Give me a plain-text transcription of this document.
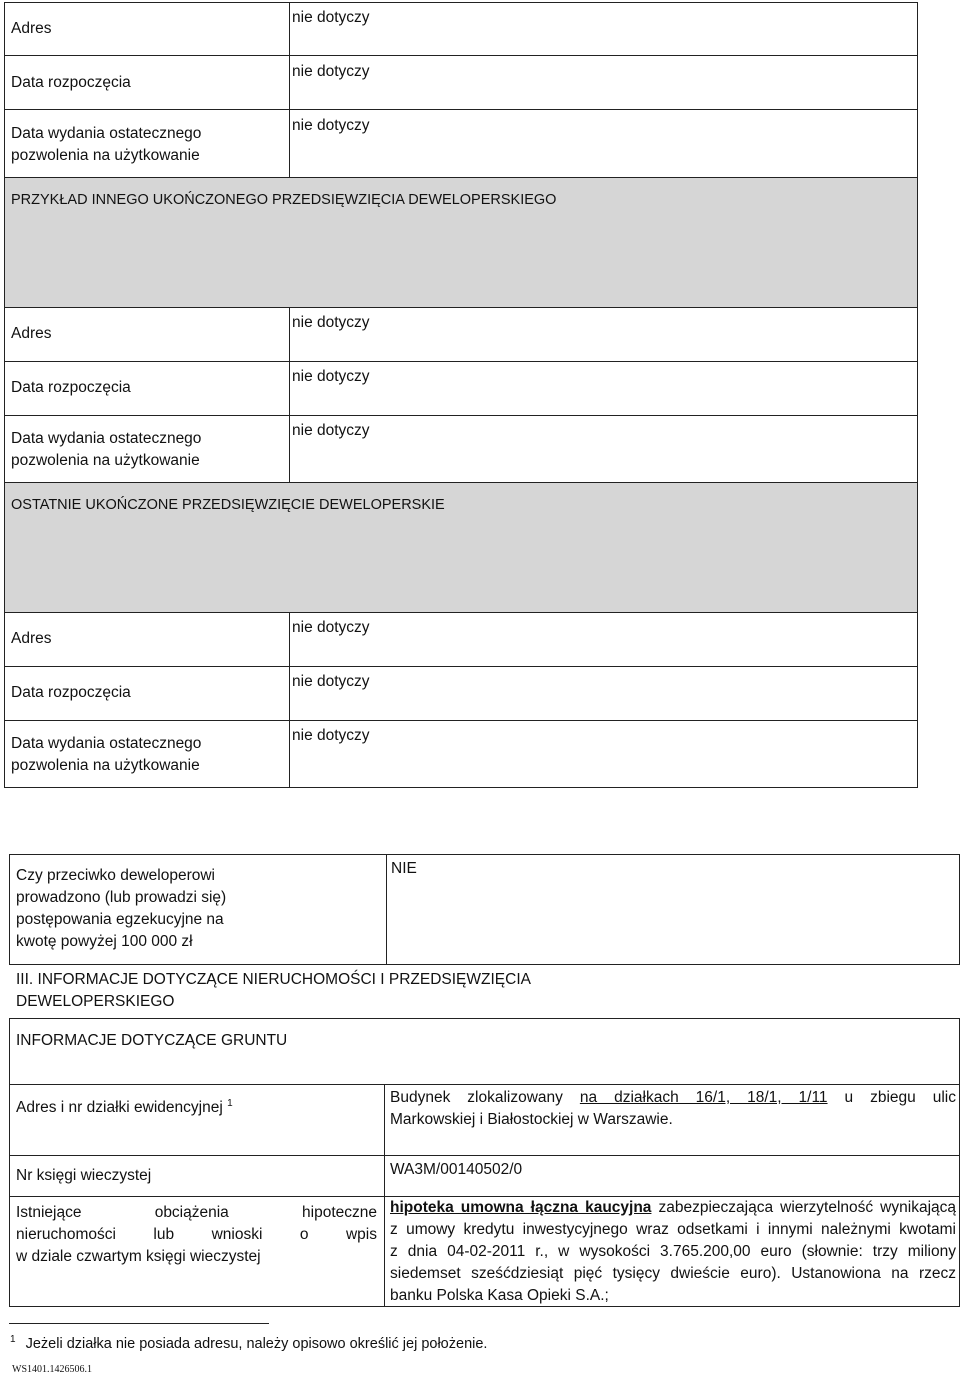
Adres
nie dotyczy
Data rozpoczęcia
nie dotyczy
Data wydania ostatecznego
pozwolenia na użytkowanie
nie dotyczy
PRZYKŁAD INNEGO UKOŃCZONEGO PRZEDSIĘWZIĘCIA DEWELOPERSKIEGO
Adres
nie dotyczy
Data rozpoczęcia
nie dotyczy
Data wydania ostatecznego
pozwolenia na użytkowanie
nie dotyczy
OSTATNIE UKOŃCZONE PRZEDSIĘWZIĘCIE DEWELOPERSKIE
Adres
nie dotyczy
Data rozpoczęcia
nie dotyczy
Data wydania ostatecznego
pozwolenia na użytkowanie
nie dotyczy
Czy przeciwko deweloperowi
prowadzono (lub prowadzi się)
postępowania egzekucyjne na
kwotę powyżej 100 000 zł
NIE
III. INFORMACJE DOTYCZĄCE NIERUCHOMOŚCI I PRZEDSIĘWZIĘCIA
DEWELOPERSKIEGO
INFORMACJE DOTYCZĄCE GRUNTU
Adres i nr działki ewidencyjnej $^1$	Budynek zlokalizowany na działkach 16/1, 18/1, 1/11 u zbiegu ulic
Markowskiej i Białostockiej w Warszawie.
Nr księgi wieczystej	WA3M/00140502/0
Istniejące obciążenia hipoteczne
nieruchomości lub wnioski o wpis
w dziale czwartym księgi wieczystej
hipoteka umowna łączna kaucyjna zabezpieczająca wierzytelność wynikającą
z umowy kredytu inwestycyjnego wraz odsetkami i innymi należnymi kwotami
z dnia 04-02-2011 r., w wysokości 3.765.200,00 euro (słownie: trzy miliony
siedemset sześćdziesiąt pięć tysięcy dwieście euro). Ustanowiona na rzecz
banku Polska Kasa Opieki S.A.;
$^1$ Jeżeli działka nie posiada adresu, należy opisowo określić jej położenie.
WS1401.1426506.1
